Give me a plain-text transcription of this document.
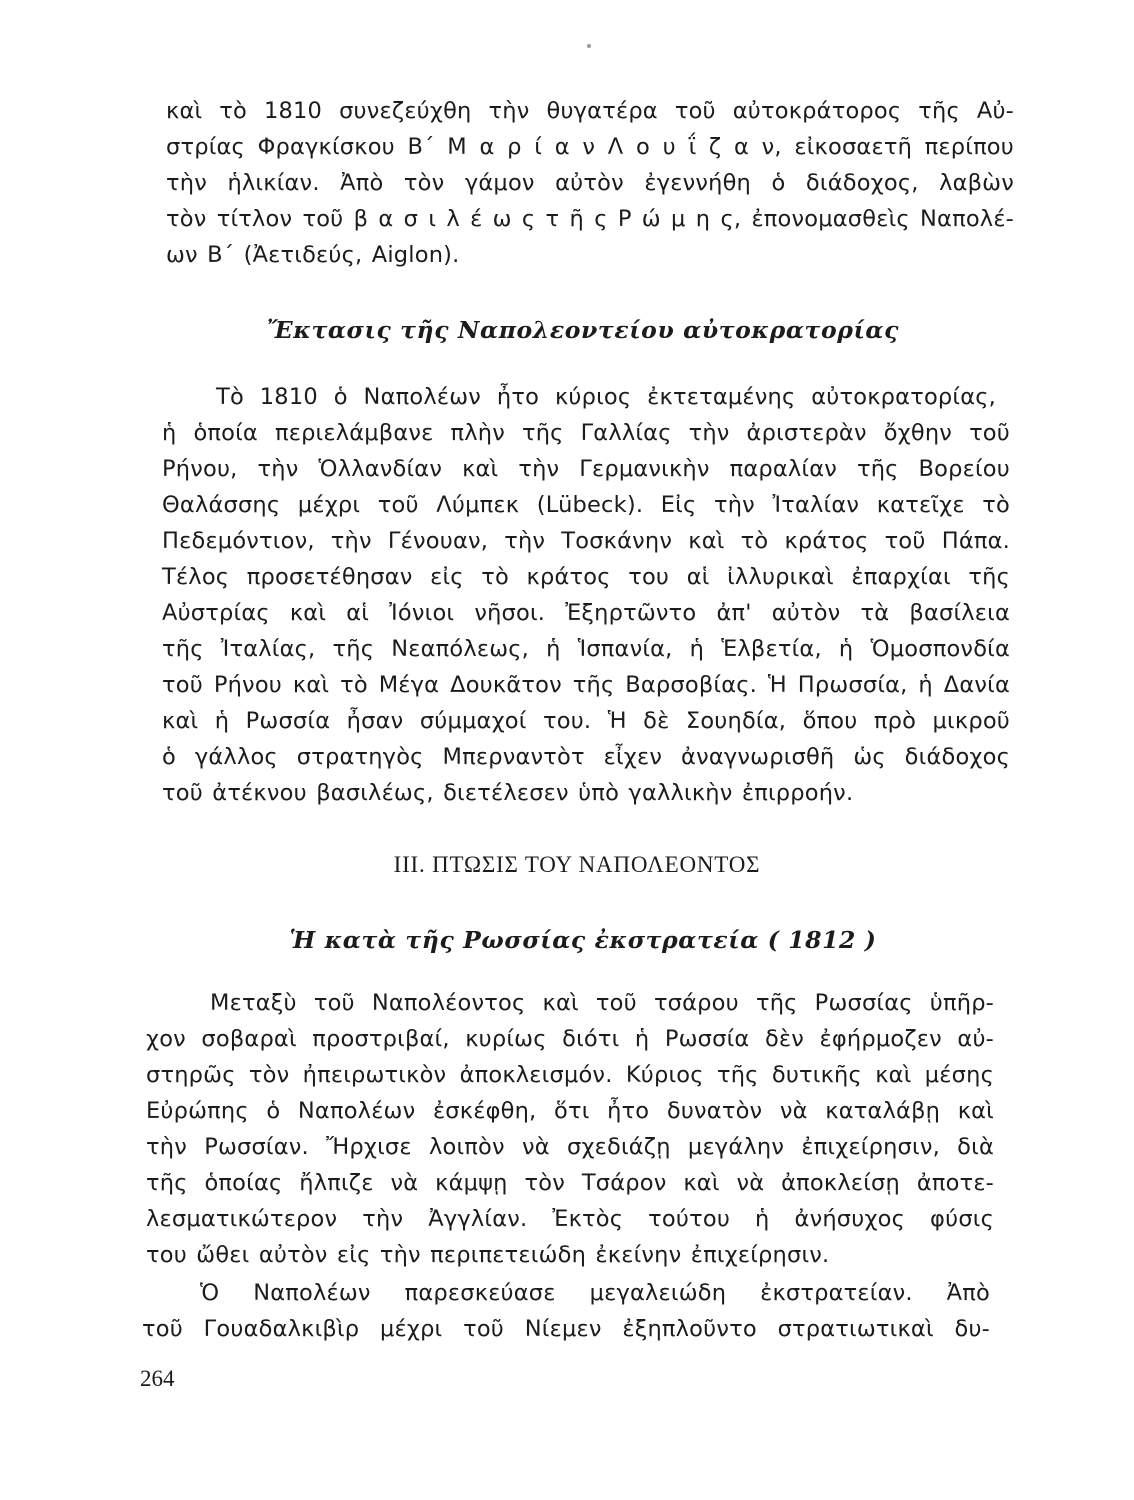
καὶ τὸ 1810 συνεζεύχθη τὴν θυγατέρα τοῦ αὐτοκράτορος τῆς Αὐ-
στρίας Φραγκίσκου Β΄ Μ α ρ ί α ν Λ ο υ ΐ ζ α ν, εἰκοσαετῆ περίπου
τὴν ἡλικίαν. Ἀπὸ τὸν γάμον αὐτὸν ἐγεννήθη ὁ διάδοχος, λαβὼν
τὸν τίτλον τοῦ β α σ ι λ έ ω ς τ ῆ ς Ρ ώ μ η ς, ἐπονομασθεὶς Ναπολέ-
ων Β΄ (Ἀετιδεύς, Aiglon).
Ἔκτασις τῆς Ναπολεοντείου αὐτοκρατορίας
Τὸ 1810 ὁ Ναπολέων ἦτο κύριος ἐκτεταμένης αὐτοκρατορίας,
ἡ ὁποία περιελάμβανε πλὴν τῆς Γαλλίας τὴν ἀριστερὰν ὄχθην τοῦ
Ρήνου, τὴν Ὁλλανδίαν καὶ τὴν Γερμανικὴν παραλίαν τῆς Βορείου
Θαλάσσης μέχρι τοῦ Λύμπεκ (Lübeck). Εἰς τὴν Ἰταλίαν κατεῖχε τὸ
Πεδεμόντιον, τὴν Γένουαν, τὴν Τοσκάνην καὶ τὸ κράτος τοῦ Πάπα.
Τέλος προσετέθησαν εἰς τὸ κράτος του αἱ ἰλλυρικαὶ ἐπαρχίαι τῆς
Αὐστρίας καὶ αἱ Ἰόνιοι νῆσοι. Ἐξηρτῶντο ἀπ' αὐτὸν τὰ βασίλεια
τῆς Ἰταλίας, τῆς Νεαπόλεως, ἡ Ἱσπανία, ἡ Ἑλβετία, ἡ Ὁμοσπονδία
τοῦ Ρήνου καὶ τὸ Μέγα Δουκᾶτον τῆς Βαρσοβίας. Ἡ Πρωσσία, ἡ Δανία
καὶ ἡ Ρωσσία ἦσαν σύμμαχοί του. Ἡ δὲ Σουηδία, ὅπου πρὸ μικροῦ
ὁ γάλλος στρατηγὸς Μπερναντὸτ εἶχεν ἀναγνωρισθῆ ὡς διάδοχος
τοῦ ἀτέκνου βασιλέως, διετέλεσεν ὑπὸ γαλλικὴν ἐπιρροήν.
ΙΙΙ. ΠΤΩΣΙΣ ΤΟΥ ΝΑΠΟΛΕΟΝΤΟΣ
Ἡ κατὰ τῆς Ρωσσίας ἐκστρατεία ( 1812 )
Μεταξὺ τοῦ Ναπολέοντος καὶ τοῦ τσάρου τῆς Ρωσσίας ὑπῆρ-
χον σοβαραὶ προστριβαί, κυρίως διότι ἡ Ρωσσία δὲν ἐφήρμοζεν αὐ-
στηρῶς τὸν ἠπειρωτικὸν ἀποκλεισμόν. Κύριος τῆς δυτικῆς καὶ μέσης
Εὐρώπης ὁ Ναπολέων ἐσκέφθη, ὅτι ἦτο δυνατὸν νὰ καταλάβῃ καὶ
τὴν Ρωσσίαν. Ἤρχισε λοιπὸν νὰ σχεδιάζῃ μεγάλην ἐπιχείρησιν, διὰ
τῆς ὁποίας ἤλπιζε νὰ κάμψῃ τὸν Τσάρον καὶ νὰ ἀποκλείσῃ ἀποτε-
λεσματικώτερον τὴν Ἀγγλίαν. Ἐκτὸς τούτου ἡ ἀνήσυχος φύσις
του ὤθει αὐτὸν εἰς τὴν περιπετειώδη ἐκείνην ἐπιχείρησιν.
Ὁ Ναπολέων παρεσκεύασε μεγαλειώδη ἐκστρατείαν. Ἀπὸ
τοῦ Γουαδαλκιβὶρ μέχρι τοῦ Νίεμεν ἐξηπλοῦντο στρατιωτικαὶ δυ-
264
